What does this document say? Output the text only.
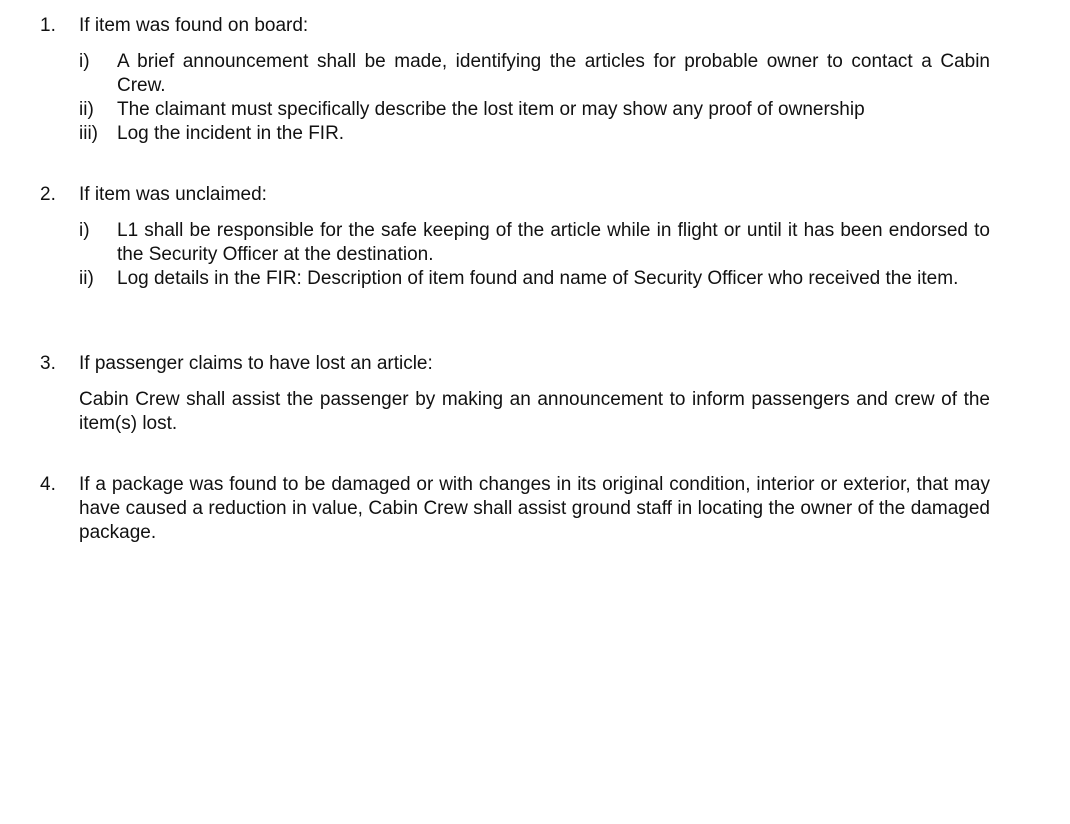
1.	If item was found on board:
i)	A brief announcement shall be made, identifying the articles for probable owner to contact a Cabin Crew.
ii)	The claimant must specifically describe the lost item or may show any proof of ownership
iii)	Log the incident in the FIR.
2.	If item was unclaimed:
i)	L1 shall be responsible for the safe keeping of the article while in flight or until it has been endorsed to the Security Officer at the destination.
ii)	Log details in the FIR: Description of item found and name of Security Officer who received the item.
3.	If passenger claims to have lost an article:
Cabin Crew shall assist the passenger by making an announcement to inform passengers and crew of the item(s) lost.
4.	If a package was found to be damaged or with changes in its original condition, interior or exterior, that may have caused a reduction in value, Cabin Crew shall assist ground staff in locating the owner of the damaged package.
